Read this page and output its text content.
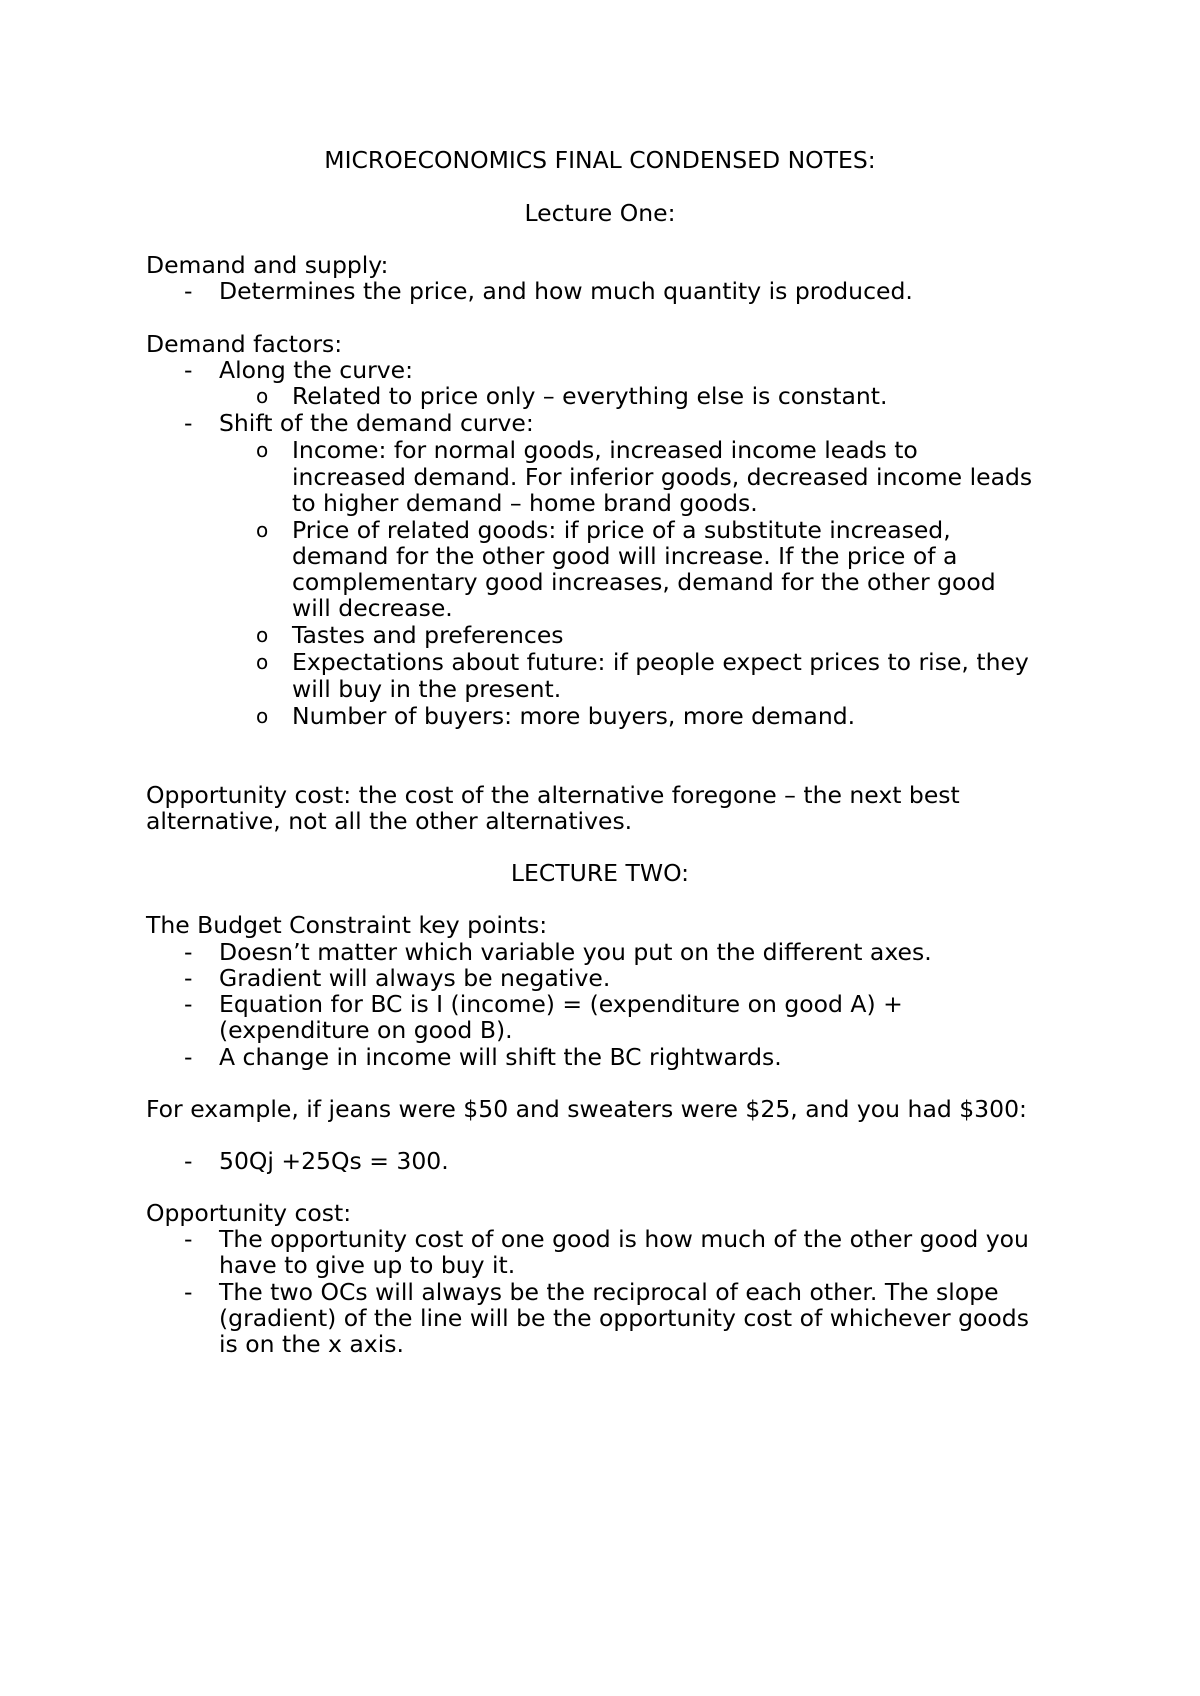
MICROECONOMICS FINAL CONDENSED NOTES:
Lecture One:
Demand and supply:
- Determines the price, and how much quantity is produced.
Demand factors:
- Along the curve:
o Related to price only – everything else is constant.
- Shift of the demand curve:
o Income: for normal goods, increased income leads to
increased demand. For inferior goods, decreased income leads
to higher demand – home brand goods.
o Price of related goods: if price of a substitute increased,
demand for the other good will increase. If the price of a
complementary good increases, demand for the other good
will decrease.
o Tastes and preferences
o Expectations about future: if people expect prices to rise, they
will buy in the present.
o Number of buyers: more buyers, more demand.
Opportunity cost: the cost of the alternative foregone – the next best
alternative, not all the other alternatives.
LECTURE TWO:
The Budget Constraint key points:
- Doesn’t matter which variable you put on the different axes.
- Gradient will always be negative.
- Equation for BC is I (income) = (expenditure on good A) +
(expenditure on good B).
- A change in income will shift the BC rightwards.
For example, if jeans were $50 and sweaters were $25, and you had $300:
- 50Qj +25Qs = 300.
Opportunity cost:
- The opportunity cost of one good is how much of the other good you
have to give up to buy it.
- The two OCs will always be the reciprocal of each other. The slope
(gradient) of the line will be the opportunity cost of whichever goods
is on the x axis.
